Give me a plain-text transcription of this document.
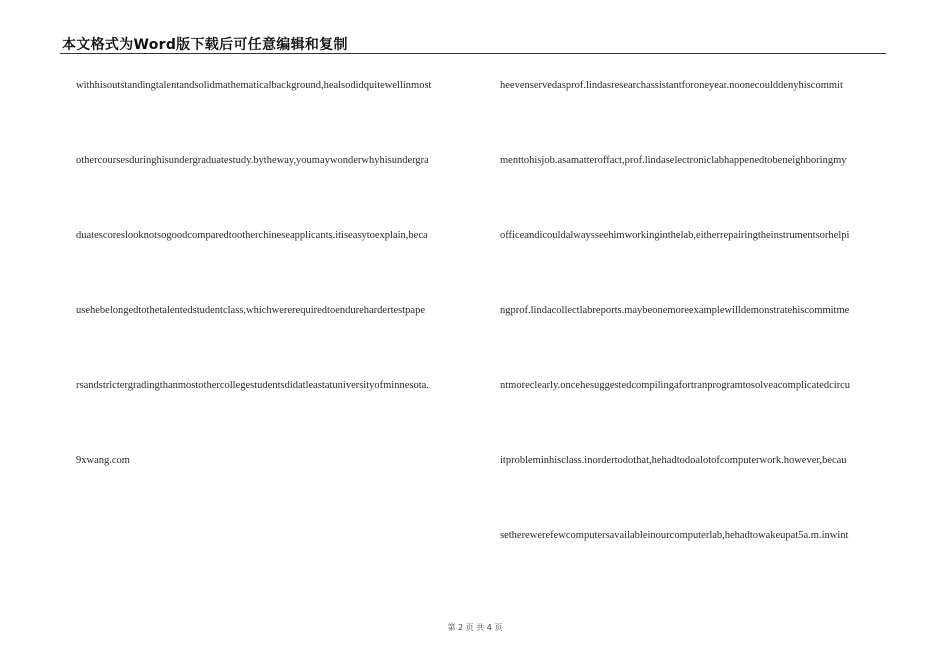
本文格式为Word版下载后可任意编辑和复制
withhisoutstandingtalentandsolidmathematicalbackground,healsodidquitewellinmost
othercoursesduringhisundergraduatestudy.bytheway,youmaywonderwhyhisundergra
duatescoreslooknotsogoodcomparedtootherchineseapplicants.itiseasytoexplain,beca
usehebelongedtothetalentedstudentclass,whichwererequiredtoendurehardertestpape
rsandstrictergradingthanmostothercollegestudentsdidatleastatuniversityofminnesota.
9xwang.com
heevenservedasprof.lindasresearchassistantforoneyear.noonecoulddenyhiscommit
menttohisjob.asamatteroffact,prof.lindaselectroniclabhappenedtobeneighboringmy
officeandicouldalwaysseehimworkinginthelab,eitherrepairingtheinstrumentsorhelpi
ngprof.lindacollectlabreports.maybeonemoreexamplewilldemonstratehiscommitme
ntmoreclearly.oncehesuggestedcompilingafortranprogramtosolveacomplicatedcircu
itprobleminhisclass.inordertodothat,hehadtodoalotofcomputerwork.however,becau
setherewerefewcomputersavailableinourcomputerlab,hehadtowakeupat5a.m.inwint
第 2 页 共 4 页
